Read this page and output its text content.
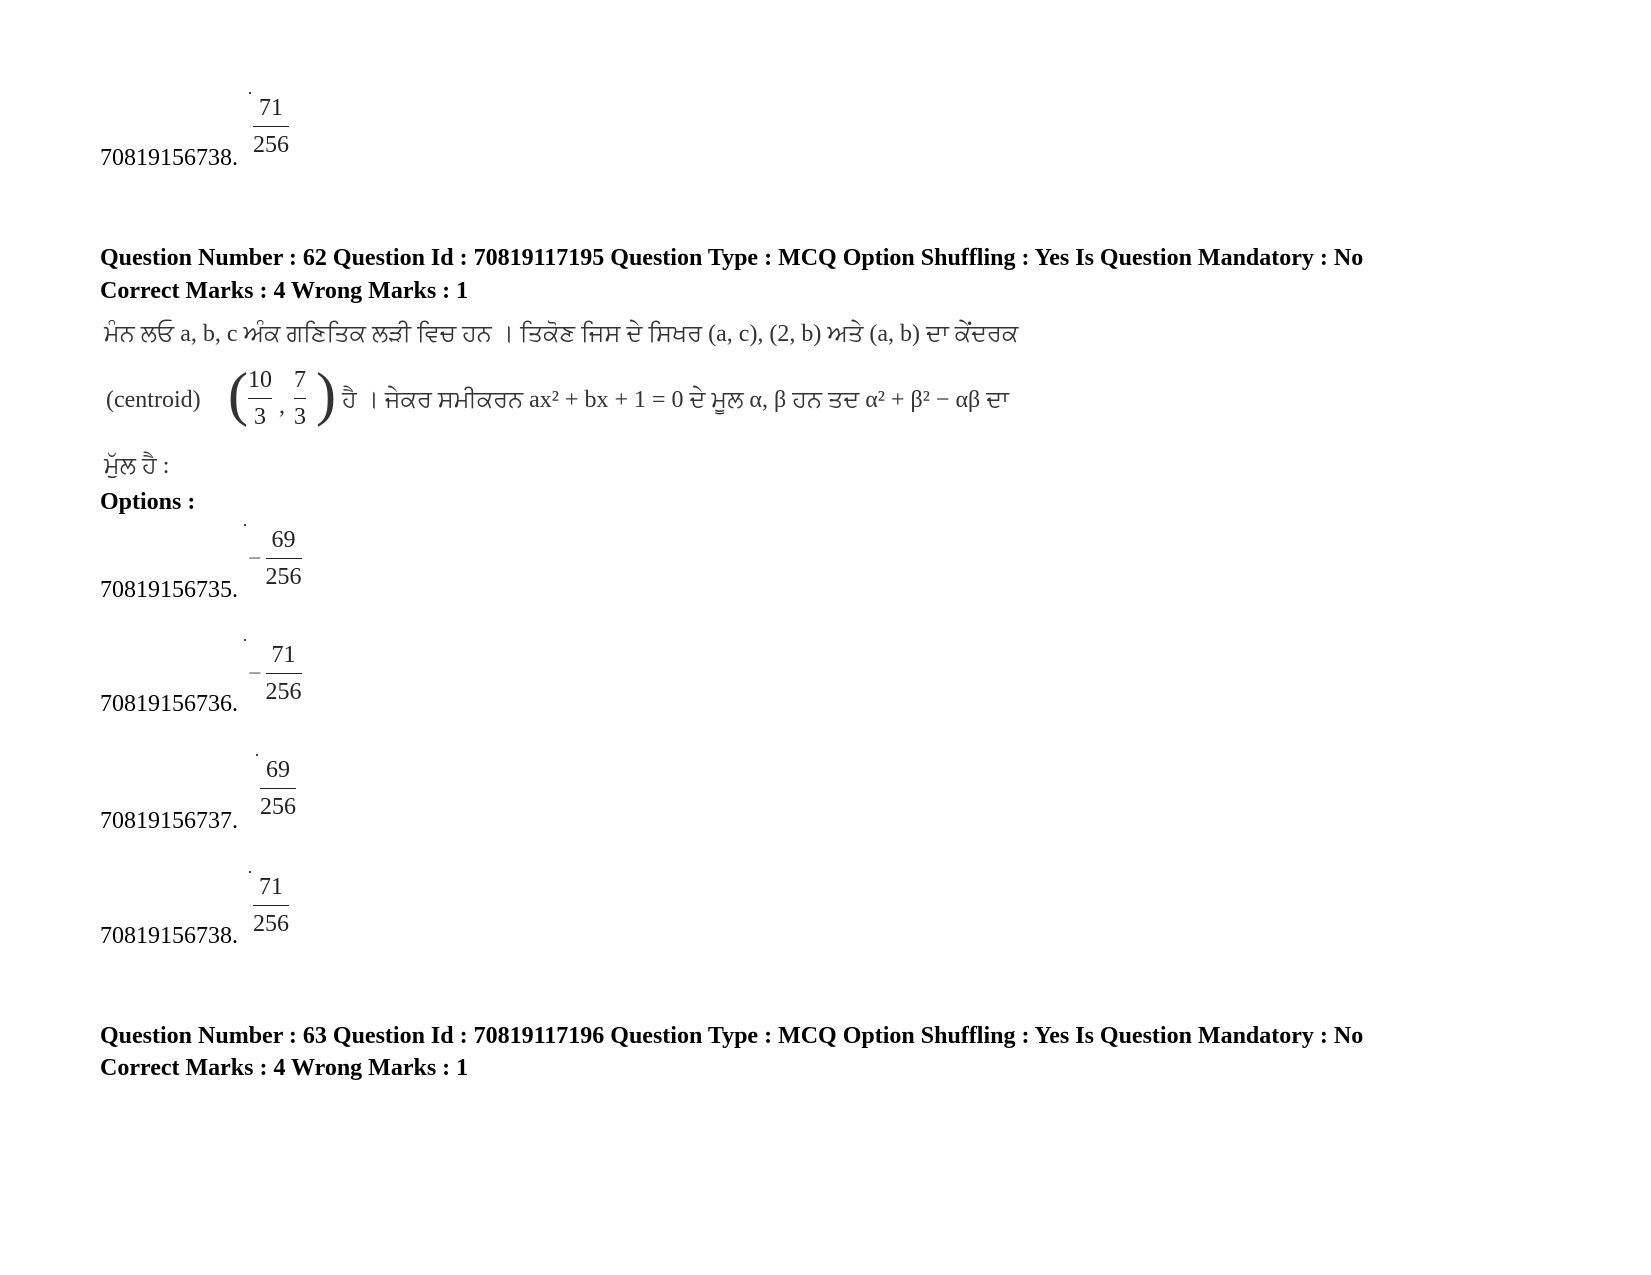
70819156738.
71
256
Question Number : 62 Question Id : 70819117195 Question Type : MCQ Option Shuffling : Yes Is Question Mandatory : No
Correct Marks : 4 Wrong Marks : 1
ਮੰਨ ਲਓ a, b, c ਅੰਕ ਗਣਿਤਿਕ ਲੜੀ ਵਿਚ ਹਨ । ਤਿਕੋਣ ਜਿਸ ਦੇ ਸਿਖਰ (a, c), (2, b) ਅਤੇ (a, b) ਦਾ ਕੇਂਦਰਕ
(centroid) ( 10
3 ,
7
3 ) ਹੈ । ਜੇਕਰ ਸਮੀਕਰਨ ax² + bx + 1 = 0 ਦੇ ਮੂਲ α, β ਹਨ ਤਦ α² + β² − αβ ਦਾ
ਮੁੱਲ ਹੈ :
Options :
70819156735.
−
69
256
70819156736.
−
71
256
70819156737.
69
256
70819156738.
71
256
Question Number : 63 Question Id : 70819117196 Question Type : MCQ Option Shuffling : Yes Is Question Mandatory : No
Correct Marks : 4 Wrong Marks : 1
